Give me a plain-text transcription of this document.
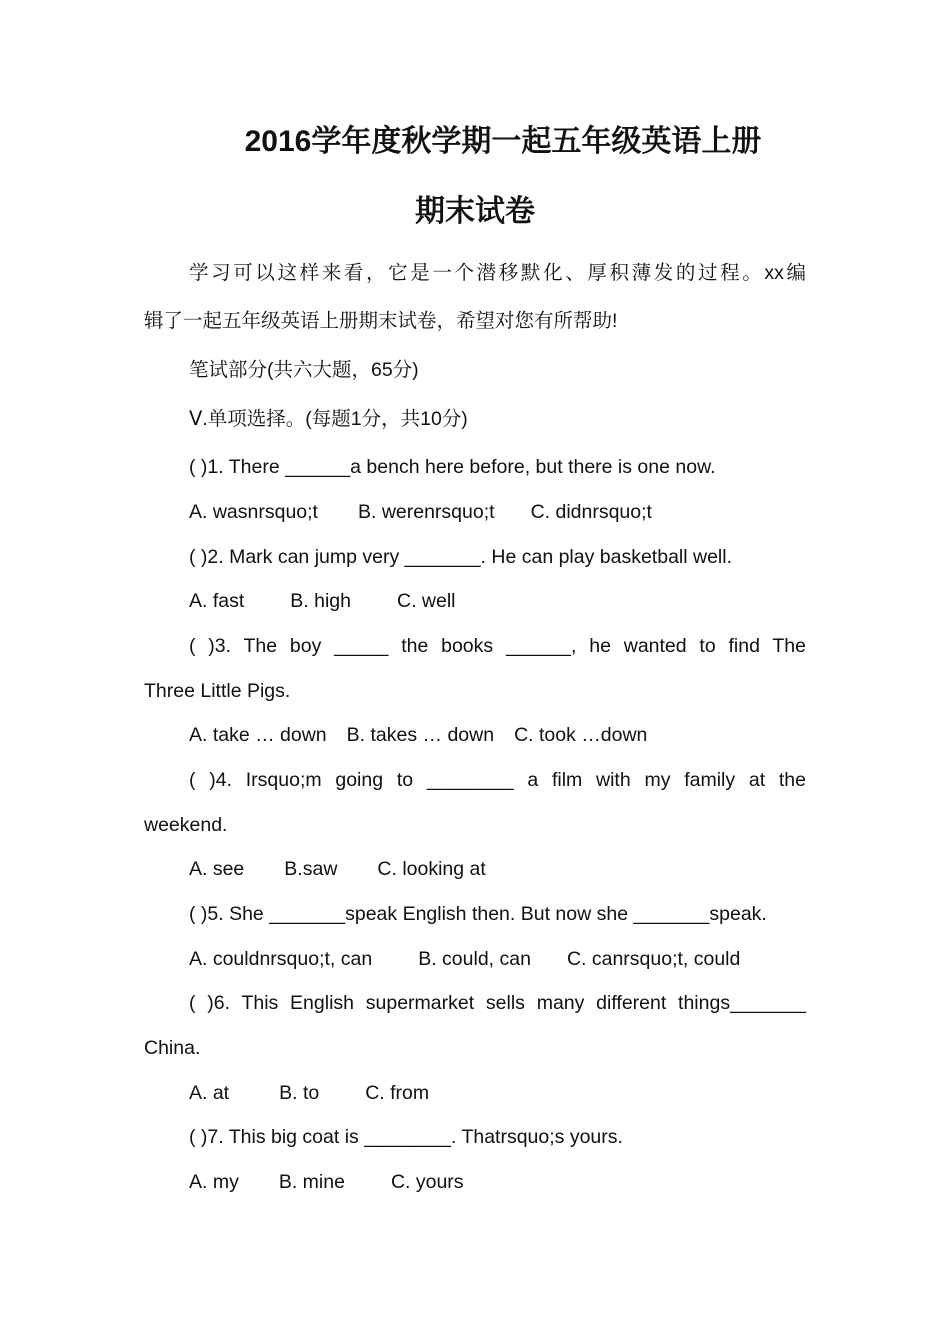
2016学年度秋学期一起五年级英语上册
期末试卷
学习可以这样来看，它是一个潜移默化、厚积薄发的过程。xx编
辑了一起五年级英语上册期末试卷，希望对您有所帮助!
笔试部分(共六大题，65分)
Ⅴ.单项选择。(每题1分，共10分)
( )1. There ______a bench here before, but there is one now.
A. wasnrsquo;t B. werenrsquo;t C. didnrsquo;t
( )2. Mark can jump very _______. He can play basketball well.
A. fast B. high C. well
( )3. The boy _____ the books ______, he wanted to find The
Three Little Pigs.
A. take … down B. takes … down C. took …down
( )4. Irsquo;m going to ________ a film with my family at the
weekend.
A. see B.saw C. looking at
( )5. She _______speak English then. But now she _______speak.
A. couldnrsquo;t, can B. could, can C. canrsquo;t, could
( )6. This English supermarket sells many different things_______
China.
A. at	B. to C. from
( )7. This big coat is ________. Thatrsquo;s yours.
A. my B. mine C. yours
